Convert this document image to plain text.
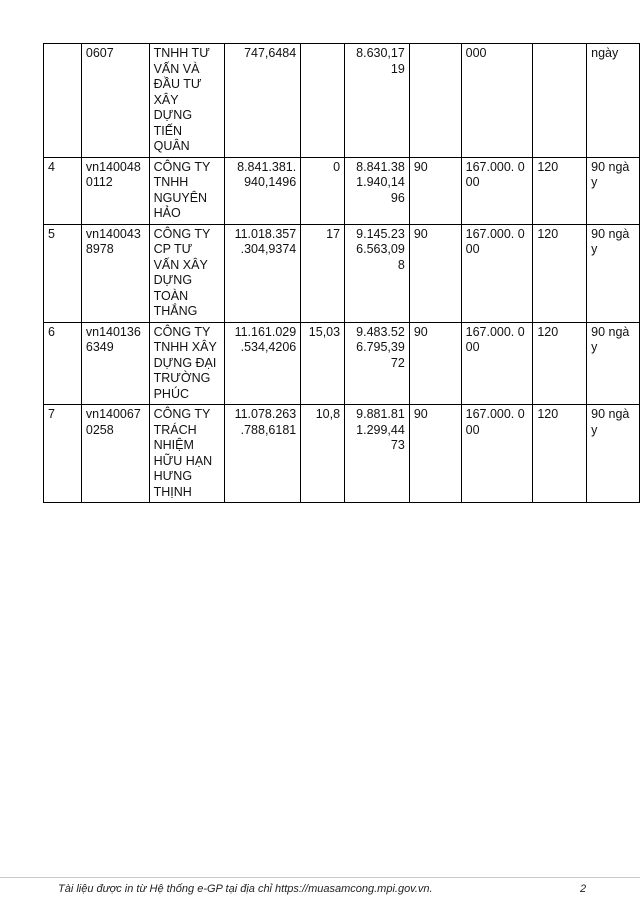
	0607	TNHH TƯ VẤN VÀ ĐẦU TƯ XÂY DỰNG TIẾN QUÂN	747,6484		8.630,17 19		000		ngày
4	vn140048 0112	CÔNG TY TNHH NGUYÊN HẢO	8.841.381. 940,1496	0	8.841.38 1.940,14 96	90	167.000. 000	120	90 ngày
5	vn140043 8978	CÔNG TY CP TƯ VẤN XÂY DỰNG TOÀN THẮNG	11.018.357 .304,9374	17	9.145.23 6.563,09 8	90	167.000. 000	120	90 ngày
6	vn140136 6349	CÔNG TY TNHH XÂY DỰNG ĐẠI TRƯỜNG PHÚC	11.161.029 .534,4206	15,03	9.483.52 6.795,39 72	90	167.000. 000	120	90 ngày
7	vn140067 0258	CÔNG TY TRÁCH NHIỆM HỮU HẠN HƯNG THỊNH	11.078.263 .788,6181	10,8	9.881.81 1.299,44 73	90	167.000. 000	120	90 ngày
Tài liệu được in từ Hệ thống e-GP tại địa chỉ https://muasamcong.mpi.gov.vn.	2
